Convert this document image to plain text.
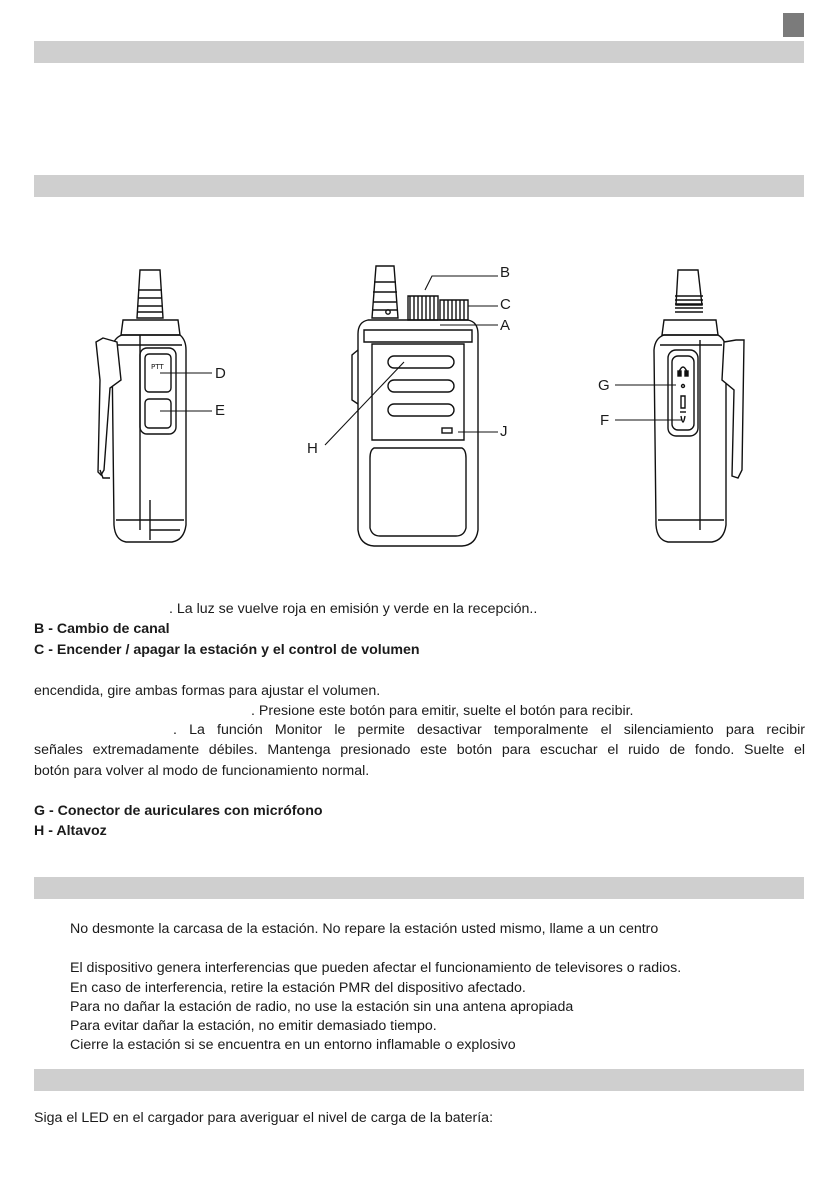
PTT
B
C
A
D
E
G
F
J
H
. La luz se vuelve roja en emisión y verde en la recepción..
B - Cambio de canal
C - Encender / apagar la estación y el control de volumen
encendida, gire ambas formas para ajustar el volumen.
. Presione este botón para emitir, suelte el botón para recibir.
. La función Monitor le permite desactivar temporalmente el silenciamiento para recibir
señales extremadamente débiles. Mantenga presionado este botón para escuchar el ruido de fondo. Suelte el
botón para volver al modo de funcionamiento normal.
G - Conector de auriculares con micrófono
H - Altavoz
No desmonte la carcasa de la estación. No repare la estación usted mismo, llame a un centro
El dispositivo genera interferencias que pueden afectar el funcionamiento de televisores o radios.
En caso de interferencia, retire la estación PMR del dispositivo afectado.
Para no dañar la estación de radio, no use la estación sin una antena apropiada
Para evitar dañar la estación, no emitir demasiado tiempo.
Cierre la estación si se encuentra en un entorno inflamable o explosivo
Siga el LED en el cargador para averiguar el nivel de carga de la batería:
